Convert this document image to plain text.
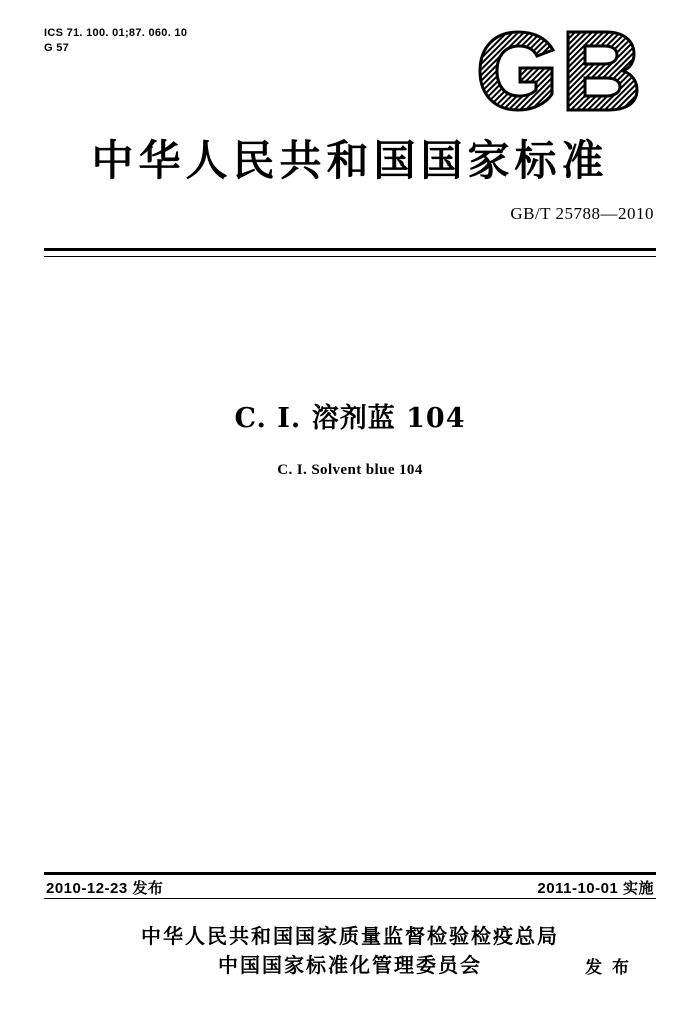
ICS 71. 100. 01;87. 060. 10
G 57
中华人民共和国国家标准
GB/T 25788—2010
C. I. 溶剂蓝 104
C. I. Solvent blue 104
2010-12-23 发布	2011-10-01 实施
中华人民共和国国家质量监督检验检疫总局
中国国家标准化管理委员会	发 布
